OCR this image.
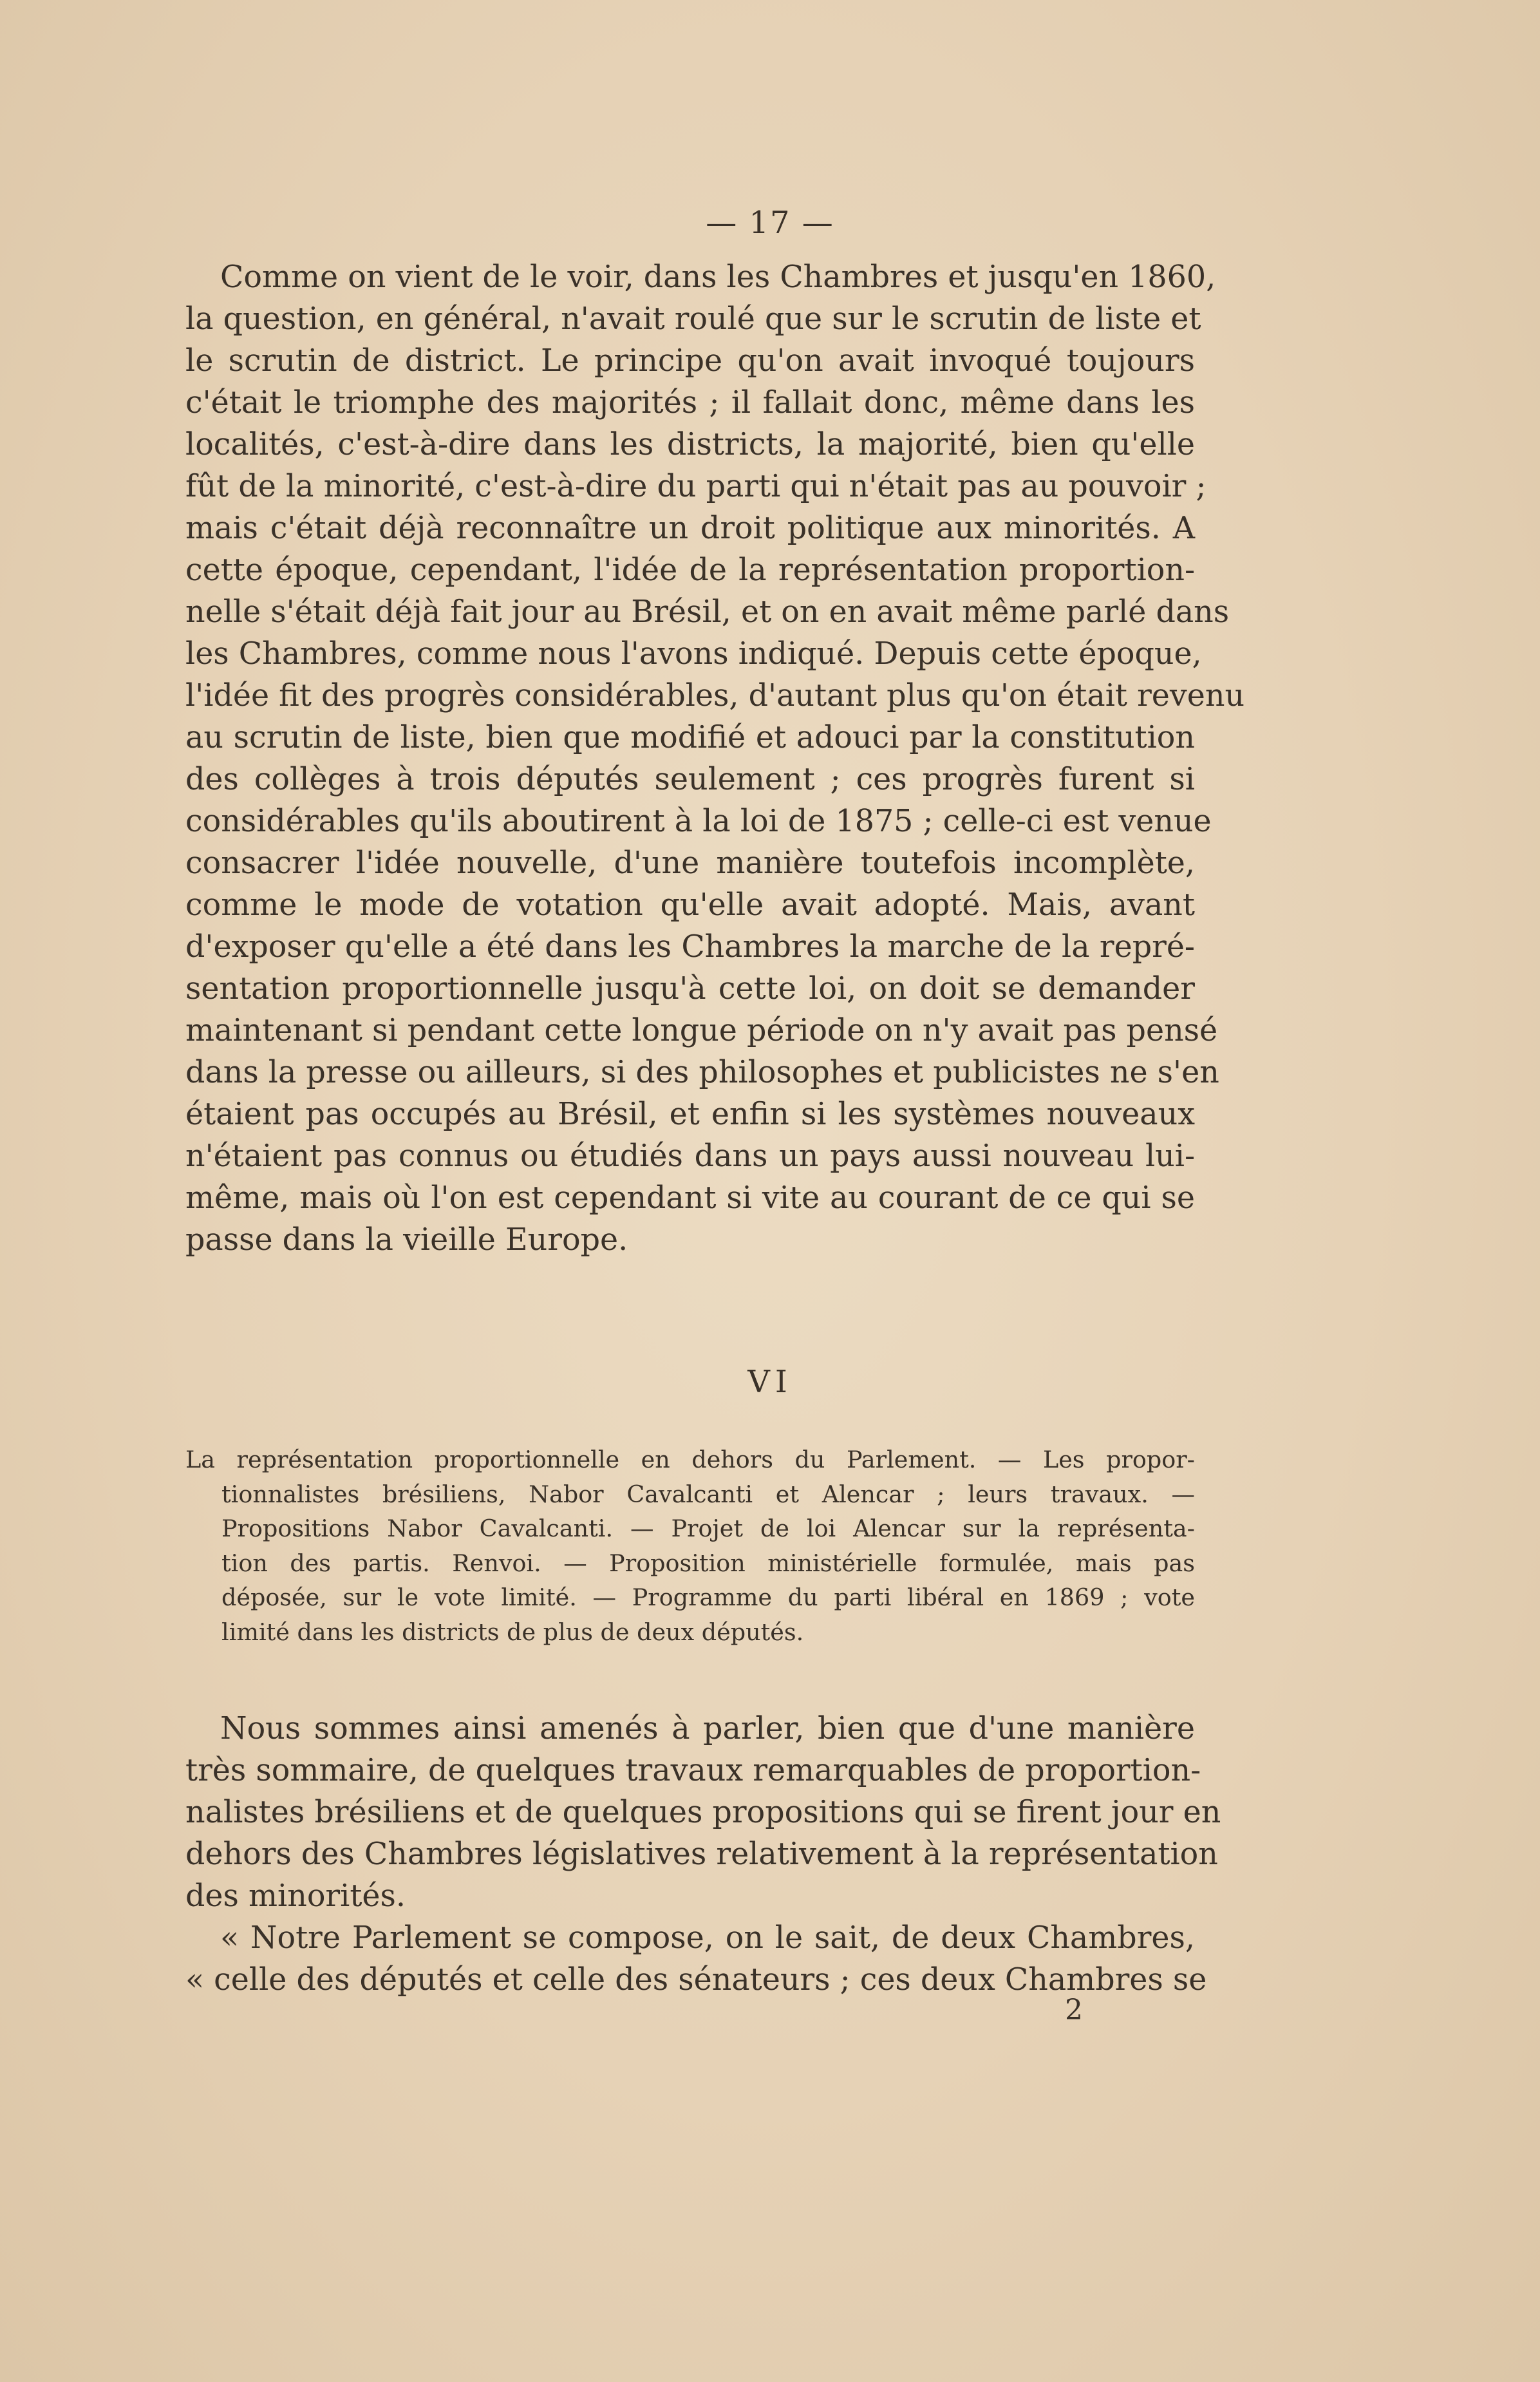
— 17 —
Comme on vient de le voir, dans les Chambres et jusqu'en 1860,
la question, en général, n'avait roulé que sur le scrutin de liste et
le scrutin de district. Le principe qu'on avait invoqué toujours
c'était le triomphe des majorités ; il fallait donc, même dans les
localités, c'est-à-dire dans les districts, la majorité, bien qu'elle
fût de la minorité, c'est-à-dire du parti qui n'était pas au pouvoir ;
mais c'était déjà reconnaître un droit politique aux minorités. A
cette époque, cependant, l'idée de la représentation proportion-
nelle s'était déjà fait jour au Brésil, et on en avait même parlé dans
les Chambres, comme nous l'avons indiqué. Depuis cette époque,
l'idée fit des progrès considérables, d'autant plus qu'on était revenu
au scrutin de liste, bien que modifié et adouci par la constitution
des collèges à trois députés seulement ; ces progrès furent si
considérables qu'ils aboutirent à la loi de 1875 ; celle-ci est venue
consacrer l'idée nouvelle, d'une manière toutefois incomplète,
comme le mode de votation qu'elle avait adopté. Mais, avant
d'exposer qu'elle a été dans les Chambres la marche de la repré-
sentation proportionnelle jusqu'à cette loi, on doit se demander
maintenant si pendant cette longue période on n'y avait pas pensé
dans la presse ou ailleurs, si des philosophes et publicistes ne s'en
étaient pas occupés au Brésil, et enfin si les systèmes nouveaux
n'étaient pas connus ou étudiés dans un pays aussi nouveau lui-
même, mais où l'on est cependant si vite au courant de ce qui se
passe dans la vieille Europe.
VI
La représentation proportionnelle en dehors du Parlement. — Les propor-
tionnalistes brésiliens, Nabor Cavalcanti et Alencar ; leurs travaux. —
Propositions Nabor Cavalcanti. — Projet de loi Alencar sur la représenta-
tion des partis. Renvoi. — Proposition ministérielle formulée, mais pas
déposée, sur le vote limité. — Programme du parti libéral en 1869 ; vote
limité dans les districts de plus de deux députés.
Nous sommes ainsi amenés à parler, bien que d'une manière
très sommaire, de quelques travaux remarquables de proportion-
nalistes brésiliens et de quelques propositions qui se firent jour en
dehors des Chambres législatives relativement à la représentation
des minorités.
« Notre Parlement se compose, on le sait, de deux Chambres,
« celle des députés et celle des sénateurs ; ces deux Chambres se
2
